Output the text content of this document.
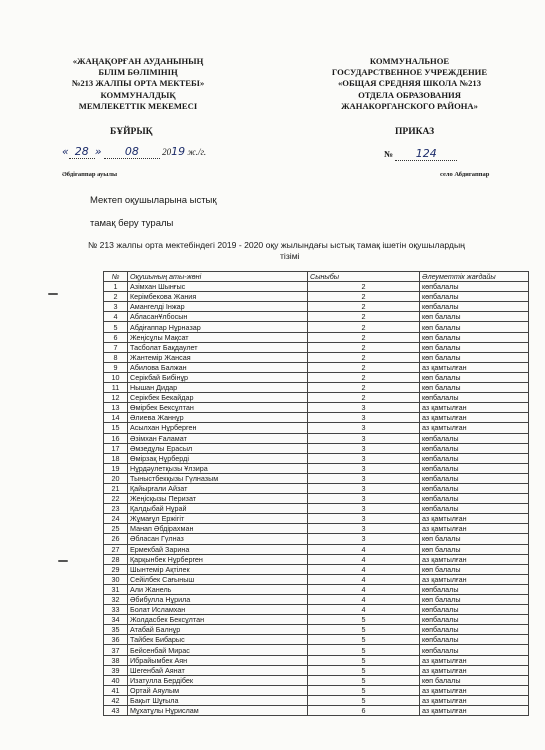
«ЖАҢАҚОРҒАН АУДАНЫНЫҢ
БІЛІМ БӨЛІМІНІҢ
№213 ЖАЛПЫ ОРТА МЕКТЕБІ»
КОММУНАЛДЫҚ
МЕМЛЕКЕТТІК МЕКЕМЕСІ
КОММУНАЛЬНОЕ
ГОСУДАРСТВЕННОЕ УЧРЕЖДЕНИЕ
«ОБЩАЯ СРЕДНЯЯ ШКОЛА №213
ОТДЕЛА ОБРАЗОВАНИЯ
ЖАНАКОРГАНСКОГО РАЙОНА»
БҰЙРЫҚ	ПРИКАЗ
« 28 » 08	2019 ж./г.	№ 124
Әбдіғаппар ауылы	село Абдигаппар
Мектеп оқушыларына ыстық
тамақ беру туралы
№ 213 жалпы орта мектебіндегі 2019 - 2020 оқу жылындағы ыстық тамақ ішетін оқушылардың
тізімі
№	Оқушының аты-жөні	Сыныбы	Әлеуметтік жағдайы
1	Азімхан Шынғыс	2	көпбалалы
2	Керімбекова Жания	2	көпбалалы
3	Амангелді Інжар	2	көпбалалы
4	АбласанҰлбосын	2	көп балалы
5	Абдіғаппар Нұрназар	2	көп балалы
6	Жеңісұлы Мақсат	2	көп балалы
7	Тасболат Бақдаулет	2	көп балалы
8	Жантемір Жансая	2	көп балалы
9	Абилова Балжан	2	аз қамтылған
10	Серікбай Бибінұр	2	көп балалы
11	Нышан Дидар	2	көп балалы
12	Серікбек Бекайдар	2	көпбалалы
13	Өмірбек Бексұлтан	3	аз қамтылған
14	Әлиева Жаннұр	3	аз қамтылған
15	Асылхан Нұрберген	3	аз қамтылған
16	Әзімхан Ғаламат	3	көпбалалы
17	Әмзедұлы Ерасыл	3	көпбалалы
18	Өмірзақ Нұрберді	3	көпбалалы
19	Нұрдәулетқызы Ұлзира	3	көпбалалы
20	Тыныстбекқызы Гүлназым	3	көпбалалы
21	Қайырғали Айзат	3	көпбалалы
22	Жеңісқызы Перизат	3	көпбалалы
23	Қалдыбай Нұрай	3	көпбалалы
24	Жұмағұл Ержігіт	3	аз қамтылған
25	Манап Әбдірахман	3	аз қамтылған
26	Әбласан Гүлназ	3	көп балалы
27	Ермекбай Зарина	4	көп балалы
28	Қарқынбек Нұрберген	4	аз қамтылған
29	Шынтемір Ақтілек	4	көп балалы
30	Сейілбек Сағыныш	4	аз қамтылған
31	Али Жанель	4	көпбалалы
32	Әбибулла Нұрила	4	көп балалы
33	Болат Исламхан	4	көпбалалы
34	Жолдасбек Бексұлтан	5	көпбалалы
35	Атабай Балнұр	5	көпбалалы
36	Тайбек Бибарыс	5	көпбалалы
37	Бейсенбай Мирас	5	көпбалалы
38	Ибрайымбек Аян	5	аз қамтылған
39	Шегенбай Аянат	5	аз қамтылған
40	Изатулла Бердібек	5	көп балалы
41	Ортай Аяулым	5	аз қамтылған
42	Бақыт Шұғыла	5	аз қамтылған
43	Мұхатұлы Нұрислам	6	аз қамтылған
